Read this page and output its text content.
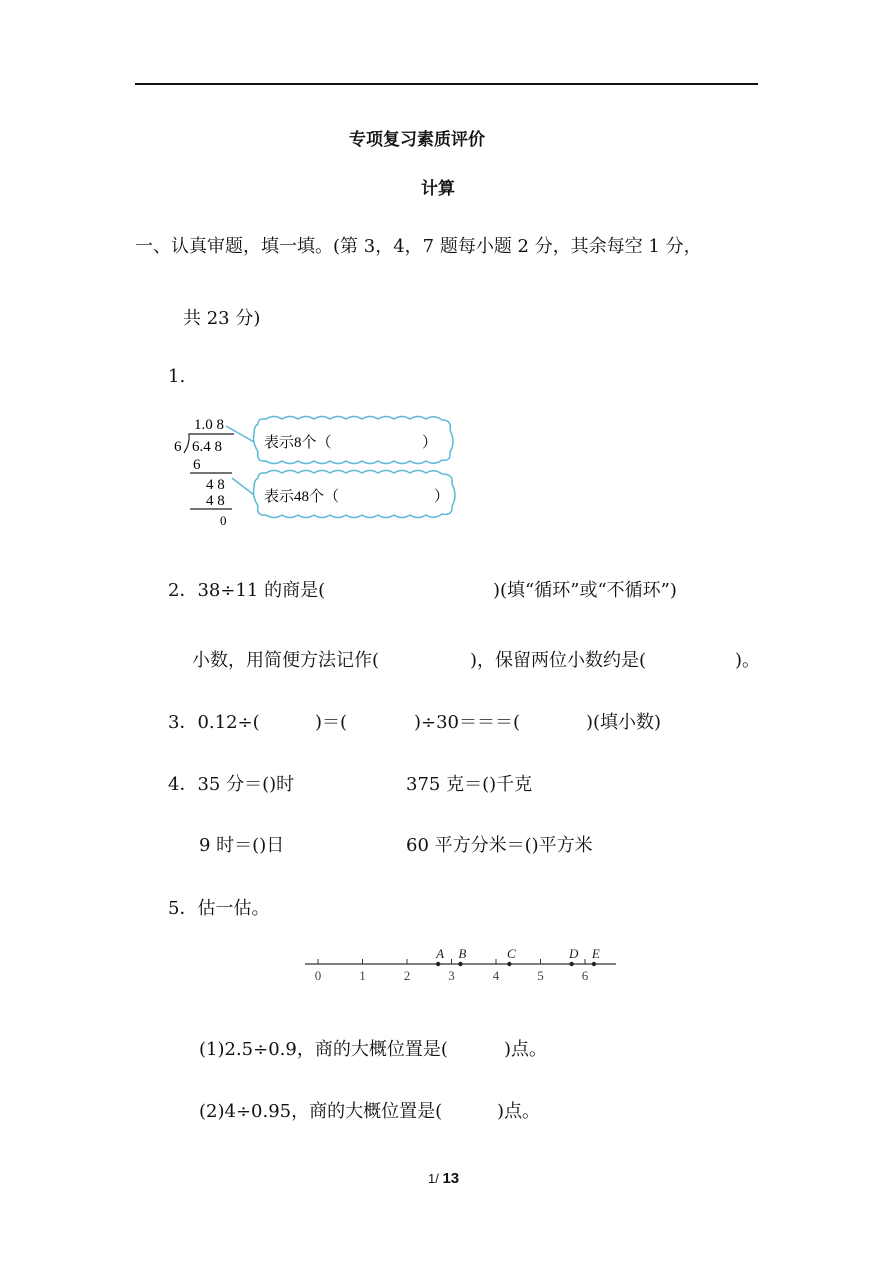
专项复习素质评价
计算
一、认真审题，填一填。(第 3，4，7 题每小题 2 分，其余每空 1 分，
共 23 分)
1.
1.0 8
6 6.4 8
6
4 8
4 8
0
表示8个（	）
表示48个（	）
2．38÷11 的商是(	)(填“循环”或“不循环”)
小数，用简便方法记作(	)，保留两位小数约是(	)。
3．0.12÷(	)＝(	)÷30＝＝＝(	)(填小数)
4．35 分＝()时	375 克＝()千克
9 时＝()日	60 平方分米＝()平方米
5．估一估。
0	1	2	3	4	5	6
A B	C	D E
(1)2.5÷0.9，商的大概位置是(	)点。
(2)4÷0.95，商的大概位置是(	)点。
1/ 13
